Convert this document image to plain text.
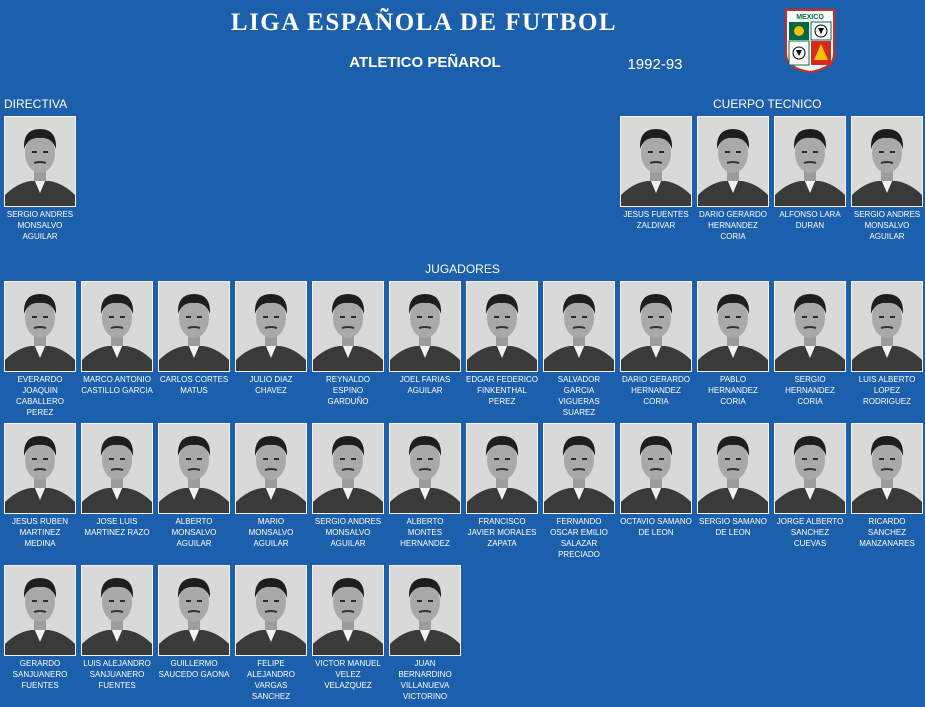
LIGA ESPAÑOLA DE FUTBOL
ATLETICO PEÑAROL	1992-93
MEXICO
DIRECTIVA	CUERPO TECNICO
JUGADORES
SERGIO ANDRES MONSALVO AGUILAR
JESUS FUENTES ZALDIVAR
DARIO GERARDO HERNANDEZ CORIA
ALFONSO LARA DURAN
SERGIO ANDRES MONSALVO AGUILAR
EVERARDO JOAQUIN CABALLERO PEREZ
MARCO ANTONIO CASTILLO GARCIA
CARLOS CORTES MATUS
JULIO DIAZ CHAVEZ
REYNALDO ESPINO GARDUÑO
JOEL FARIAS AGUILAR
EDGAR FEDERICO FINKENTHAL PEREZ
SALVADOR GARCIA VIGUERAS SUAREZ
DARIO GERARDO HERNANDEZ CORIA
PABLO HERNANDEZ CORIA
SERGIO HERNANDEZ CORIA
LUIS ALBERTO LOPEZ RODRIGUEZ
JESUS RUBEN MARTINEZ MEDINA
JOSE LUIS MARTINEZ RAZO
ALBERTO MONSALVO AGUILAR
MARIO MONSALVO AGUILAR
SERGIO ANDRES MONSALVO AGUILAR
ALBERTO MONTES HERNANDEZ
FRANCISCO JAVIER MORALES ZAPATA
FERNANDO OSCAR EMILIO SALAZAR PRECIADO
OCTAVIO SAMANO DE LEON
SERGIO SAMANO DE LEON
JORGE ALBERTO SANCHEZ CUEVAS
RICARDO SANCHEZ MANZANARES
GERARDO SANJUANERO FUENTES
LUIS ALEJANDRO SANJUANERO FUENTES
GUILLERMO SAUCEDO GAONA
FELIPE ALEJANDRO VARGAS SANCHEZ
VICTOR MANUEL VELEZ VELAZQUEZ
JUAN BERNARDINO VILLANUEVA VICTORINO
